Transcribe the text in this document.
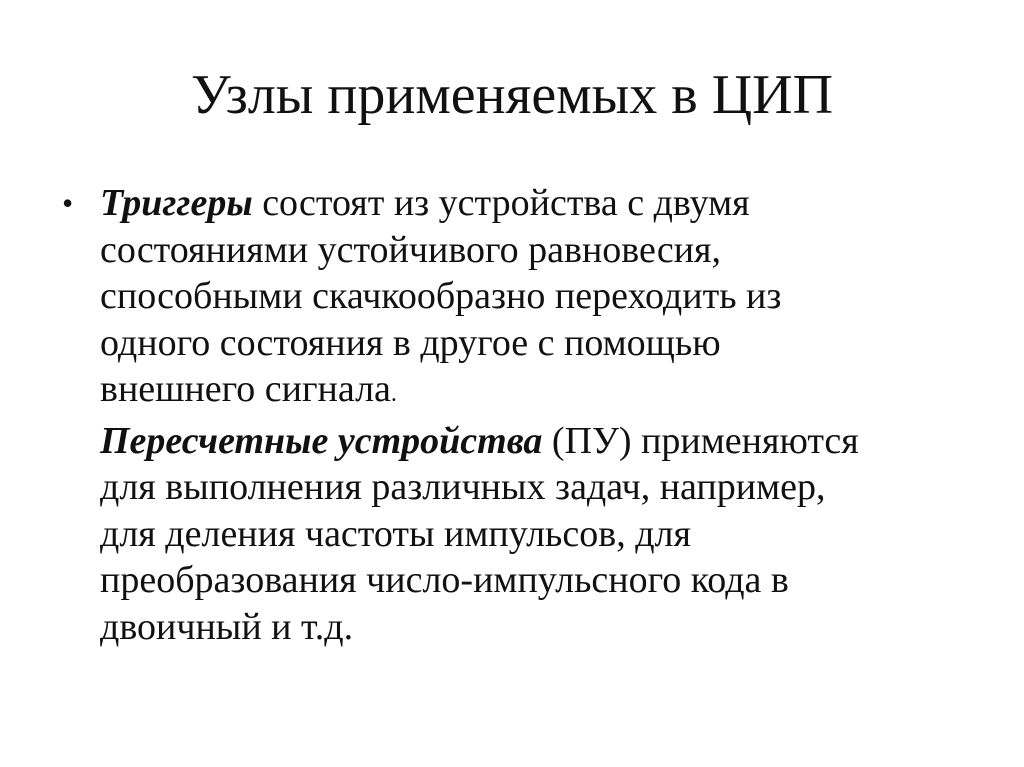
Узлы применяемых в ЦИП
• Триггеры состоят из устройства с двумя
состояниями устойчивого равновесия,
способными скачкообразно переходить из
одного состояния в другое с помощью
внешнего сигнала.
Пересчетные устройства (ПУ) применяются
для выполнения различных задач, например,
для деления частоты импульсов, для
преобразования число-импульсного кода в
двоичный и т.д.
